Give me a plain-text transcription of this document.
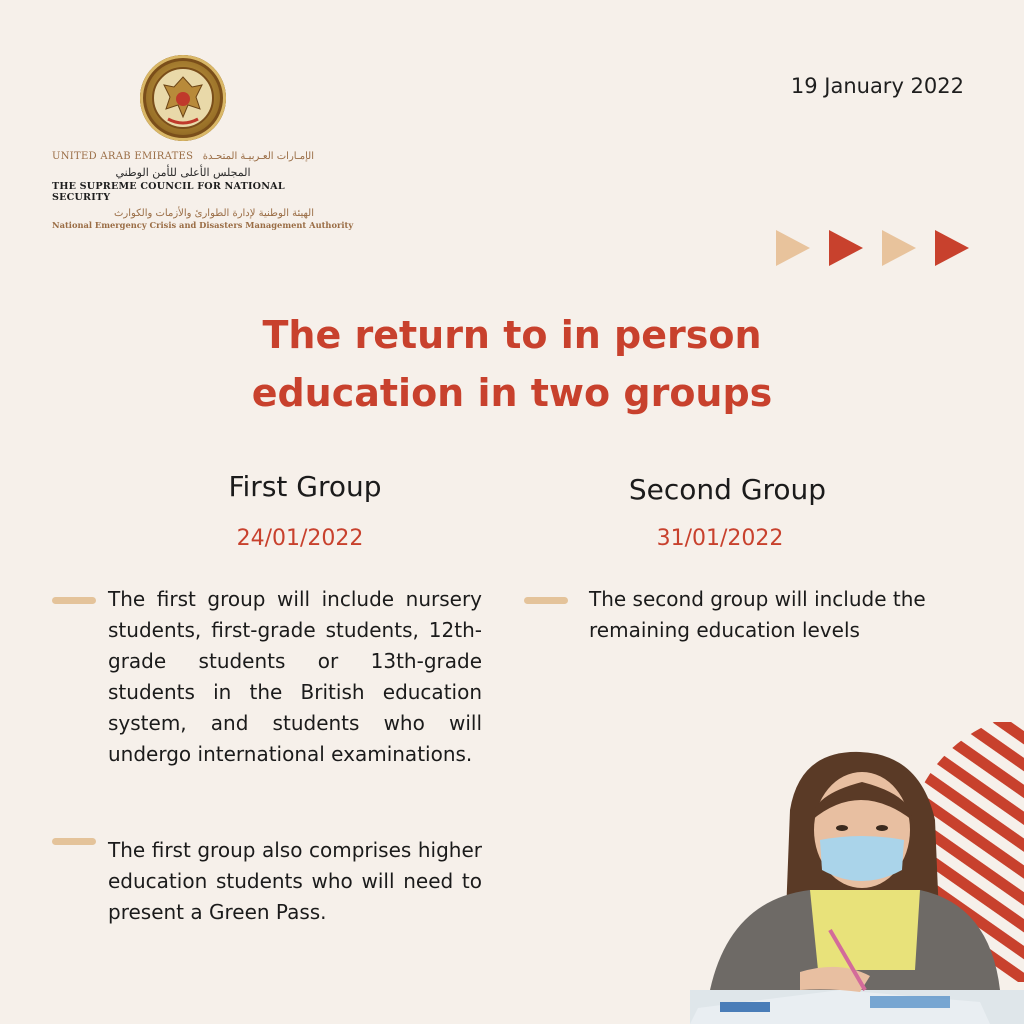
UNITED ARAB EMIRATES الإمـارات العـربيـة المتحـدة
المجلس الأعلى للأمن الوطني
THE SUPREME COUNCIL FOR NATIONAL SECURITY
الهيئة الوطنية لإدارة الطوارئ والأزمات والكوارث
National Emergency Crisis and Disasters Management Authority
19 January 2022
The return to in person
education in two groups
First Group
24/01/2022
The first group will include nursery students, first-grade students, 12th-grade students or 13th-grade students in the British education system, and students who will undergo international examinations.
The first group also comprises higher education students who will need to present a Green Pass.
Second Group
31/01/2022
The second group will include the remaining education levels
